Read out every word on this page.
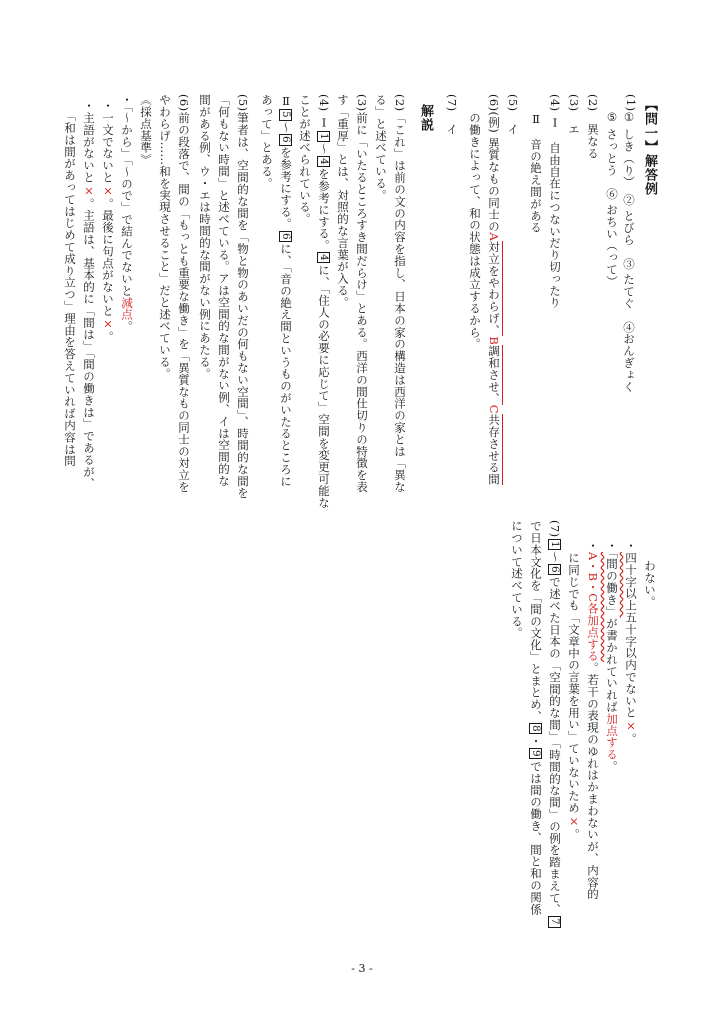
【問一】解答例
(1)
① しき（り）　② とびら　③ たてぐ　④おんぎょく
⑤ さっとう　⑥ おちい（って）
(2)　異なる
(3)　エ
(4) Ⅰ　自由自在につないだり切ったり
Ⅱ　音の絶え間がある
(5)　イ
(6)(例) 異質なもの同士のA対立をやわらげ、B調和させ、C共存させる間
の働きによって、和の状態は成立するから。
(7)　イ
解説
(2)
「これ」は前の文の内容を指し、日本の家の構造は西洋の家とは「異な
る」と述べている。
(3)
前に「いたるところすき間だらけ」とある。西洋の間仕切りの特徴を表
す「重厚」とは、対照的な言葉が入る。
(4) Ⅰ1～4を参考にする。4に、「住人の必要に応じて」空間を変更可能な
ことが述べられている。
Ⅱ5～6を参考にする。6に、「音の絶え間というものがいたるところに
あって」とある。
(5)
筆者は、空間的な間を「物と物のあいだの何もない空間」、時間的な間を
「何もない時間」と述べている。アは空間的な間がない例、イは空間的な
間がある例、ウ・エは時間的な間がない例にあたる。
(6)
前の段落で、間の「もっとも重要な働き」を「異質なもの同士の対立を
やわらげ……和を実現させること」だと述べている。
《採点基準》
・「～から」「～ので」で結んでないと減点。
・一文でないと×。最後に句点がないと×。
・主語がないと×。主語は、基本的に「間は」「間の働きは」であるが、
「和は間があってはじめて成り立つ」理由を答えていれば内容は問
わない。
・四十字以上五十字以内でないと×。
・「間の働き」が書かれていれば加点する。
・A・B・C各加点する。若干の表現のゆれはかまわないが、内容的
に同じでも「文章中の言葉を用い」ていないため×。
(7)
1～6で述べた日本の「空間的な間」「時間的な間」の例を踏まえて、7
で日本文化を「間の文化」とまとめ、8・9では間の働き、間と和の関係
について述べている。
- 3 -
